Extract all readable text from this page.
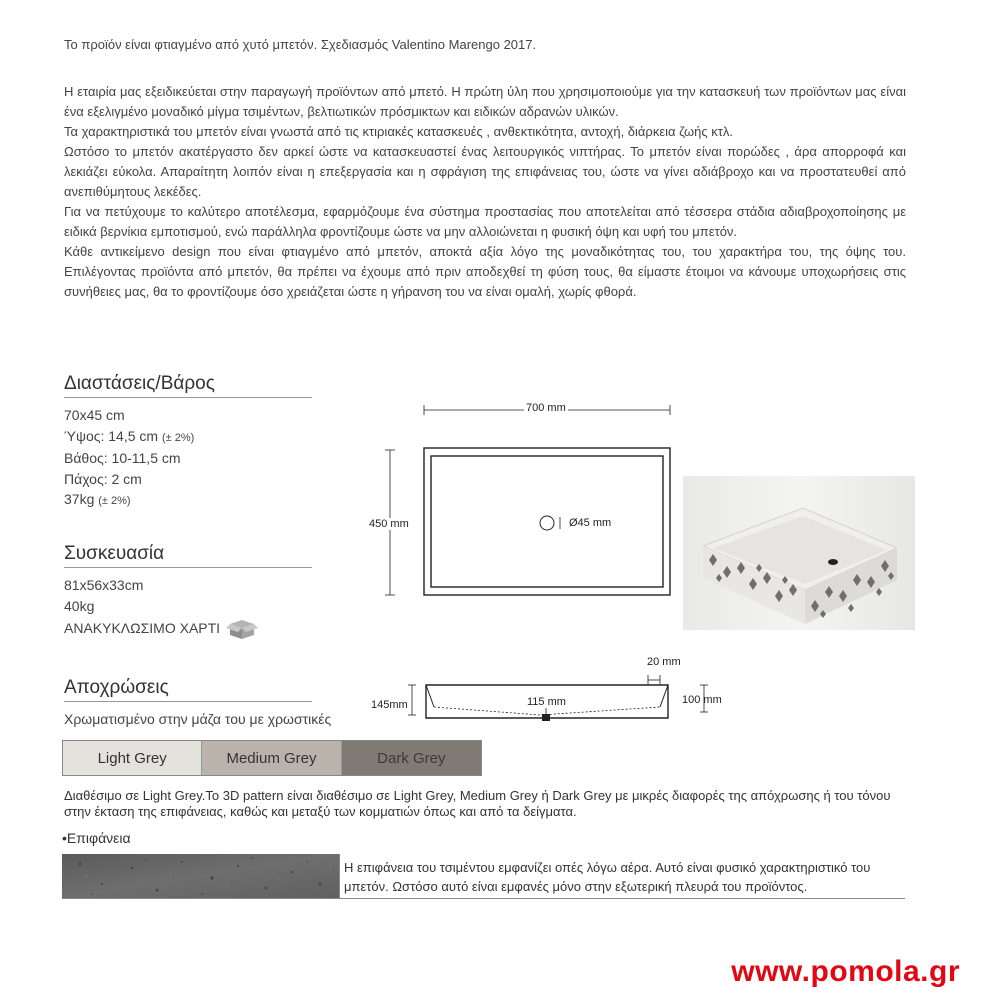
Το προϊόν είναι φτιαγμένο από χυτό μπετόν. Σχεδιασμός Valentino Marengo 2017.

Η εταιρία μας εξειδικεύεται στην παραγωγή προϊόντων από μπετό. Η πρώτη ύλη που χρησιμοποιούμε για την κατασκευή των προϊόντων μας είναι ένα εξελιγμένο μοναδικό μίγμα τσιμέντων, βελτιωτικών πρόσμικτων και ειδικών αδρανών υλικών.

Τα χαρακτηριστικά του μπετόν είναι γνωστά από τις κτιριακές κατασκευές , ανθεκτικότητα, αντοχή, διάρκεια ζωής κτλ.

Ωστόσο το μπετόν ακατέργαστο δεν αρκεί ώστε να κατασκευαστεί ένας λειτουργικός νιπτήρας. Το μπετόν είναι πορώδες , άρα απορροφά και λεκιάζει εύκολα. Απαραίτητη λοιπόν είναι η επεξεργασία και η σφράγιση της επιφάνειας του, ώστε να γίνει αδιάβροχο και να προστατευθεί από ανεπιθύμητους λεκέδες.

Για να πετύχουμε το καλύτερο αποτέλεσμα, εφαρμόζουμε ένα σύστημα προστασίας που αποτελείται από τέσσερα στάδια αδιαβροχοποίησης με ειδικά βερνίκια εμποτισμού, ενώ παράλληλα φροντίζουμε ώστε να μην αλλοιώνεται η φυσική όψη και υφή του μπετόν.

Κάθε αντικείμενο design που είναι φτιαγμένο από μπετόν, αποκτά αξία λόγο της μοναδικότητας του, του χαρακτήρα του, της όψης του. Επιλέγοντας προϊόντα από μπετόν, θα πρέπει να έχουμε από πριν αποδεχθεί τη φύση τους, θα είμαστε έτοιμοι να κάνουμε υποχωρήσεις στις συνήθειες μας, θα το φροντίζουμε όσο χρειάζεται ώστε η γήρανση του να είναι ομαλή, χωρίς φθορά.

Διαστάσεις/Βάρος
70x45 cm
Ύψος: 14,5 cm (± 2%)
Βάθος: 10-11,5 cm
Πάχος: 2 cm
37kg (± 2%)
Συσκευασία
81x56x33cm
40kg
ΑΝΑΚΥΚΛΩΣΙΜΟ ΧΑΡΤΙ
Αποχρώσεις
Χρωματισμένο στην μάζα του με χρωστικές
Light Grey	Medium Grey	Dark Grey
Διαθέσιμο σε Light Grey.Το 3D pattern είναι διαθέσιμο σε Light Grey, Medium Grey ή Dark Grey με μικρές διαφορές της απόχρωσης ή του τόνου στην έκταση της επιφάνειας, καθώς και μεταξύ των κομματιών όπως και από τα δείγματα.
•Επιφάνεια
Η επιφάνεια του τσιμέντου εμφανίζει οπές λόγω αέρα. Αυτό είναι φυσικό χαρακτηριστικό του μπετόν. Ωστόσο αυτό είναι εμφανές μόνο στην εξωτερική πλευρά του προϊόντος.
700 mm
450 mm	Ø45 mm
20 mm
145mm	115 mm	100 mm
www.pomola.gr
